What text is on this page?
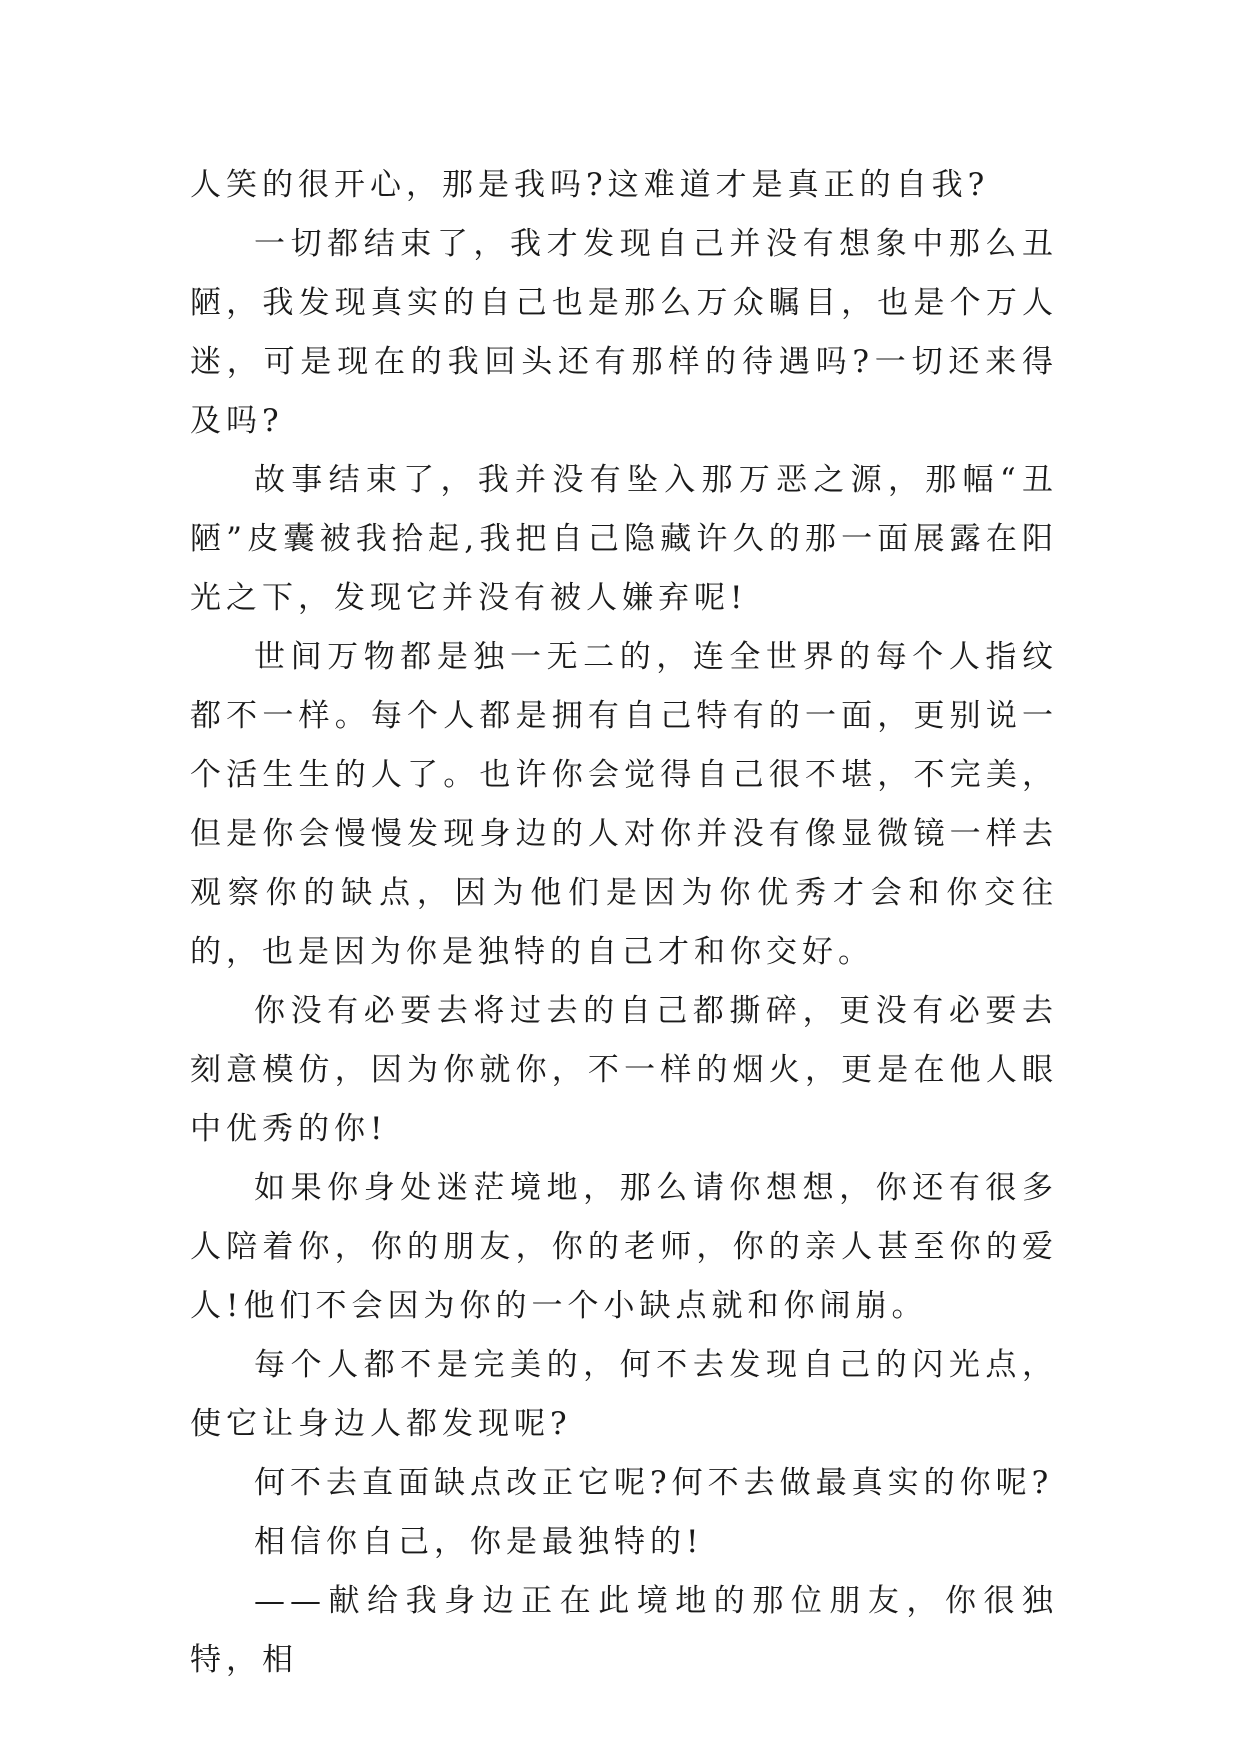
人笑的很开心，那是我吗?这难道才是真正的自我?

一切都结束了，我才发现自己并没有想象中那么丑陋，我发现真实的自己也是那么万众瞩目，也是个万人迷，可是现在的我回头还有那样的待遇吗?一切还来得及吗?

故事结束了，我并没有坠入那万恶之源，那幅“丑陋”皮囊被我拾起,我把自己隐藏许久的那一面展露在阳光之下，发现它并没有被人嫌弃呢!

世间万物都是独一无二的，连全世界的每个人指纹都不一样。每个人都是拥有自己特有的一面，更别说一个活生生的人了。也许你会觉得自己很不堪，不完美，但是你会慢慢发现身边的人对你并没有像显微镜一样去观察你的缺点，因为他们是因为你优秀才会和你交往的，也是因为你是独特的自己才和你交好。

你没有必要去将过去的自己都撕碎，更没有必要去刻意模仿，因为你就你，不一样的烟火，更是在他人眼中优秀的你!

如果你身处迷茫境地，那么请你想想，你还有很多人陪着你，你的朋友，你的老师，你的亲人甚至你的爱人!他们不会因为你的一个小缺点就和你闹崩。

每个人都不是完美的，何不去发现自己的闪光点，使它让身边人都发现呢?

何不去直面缺点改正它呢?何不去做最真实的你呢?

相信你自己，你是最独特的!

——献给我身边正在此境地的那位朋友，你很独特，相
